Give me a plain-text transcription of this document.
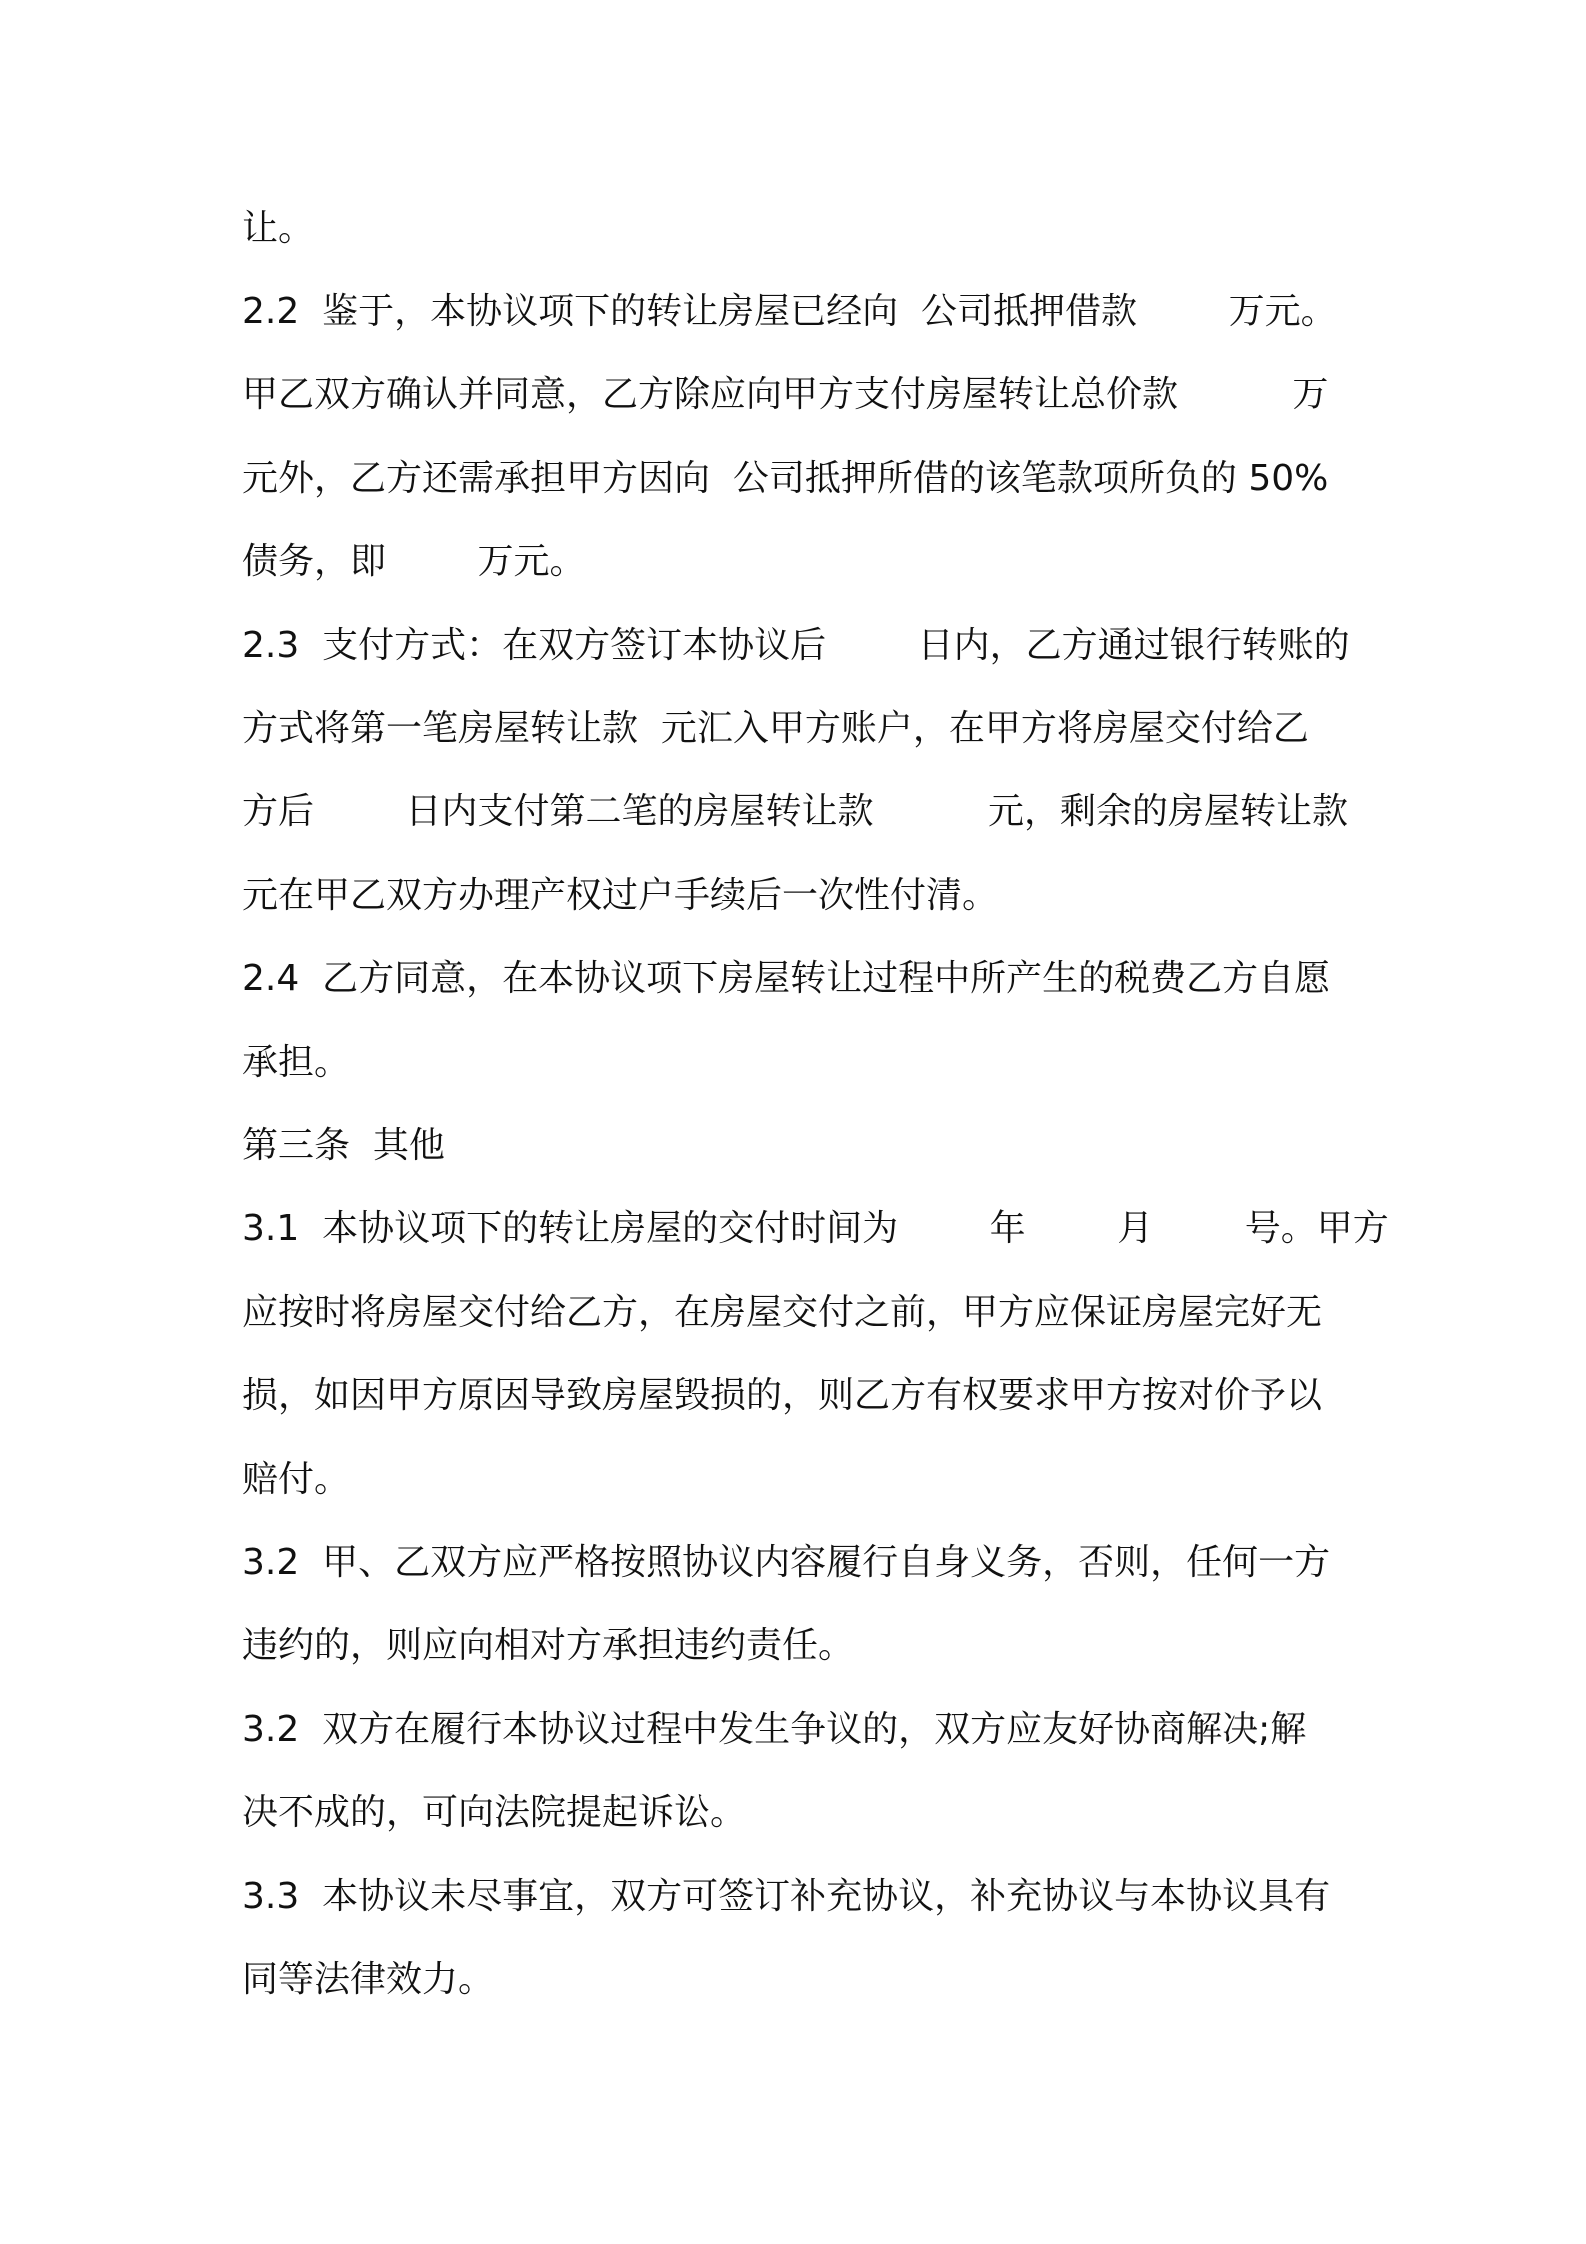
让。
2.2  鉴于，本协议项下的转让房屋已经向  公司抵押借款        万元。
甲乙双方确认并同意，乙方除应向甲方支付房屋转让总价款          万
元外，乙方还需承担甲方因向  公司抵押所借的该笔款项所负的 50%
债务，即        万元。
2.3  支付方式：在双方签订本协议后        日内，乙方通过银行转账的
方式将第一笔房屋转让款  元汇入甲方账户，在甲方将房屋交付给乙
方后        日内支付第二笔的房屋转让款          元，剩余的房屋转让款
元在甲乙双方办理产权过户手续后一次性付清。
2.4  乙方同意，在本协议项下房屋转让过程中所产生的税费乙方自愿
承担。
第三条  其他
3.1  本协议项下的转让房屋的交付时间为        年        月        号。甲方
应按时将房屋交付给乙方，在房屋交付之前，甲方应保证房屋完好无
损，如因甲方原因导致房屋毁损的，则乙方有权要求甲方按对价予以
赔付。
3.2  甲、乙双方应严格按照协议内容履行自身义务，否则，任何一方
违约的，则应向相对方承担违约责任。
3.2  双方在履行本协议过程中发生争议的，双方应友好协商解决;解
决不成的，可向法院提起诉讼。
3.3  本协议未尽事宜，双方可签订补充协议，补充协议与本协议具有
同等法律效力。
